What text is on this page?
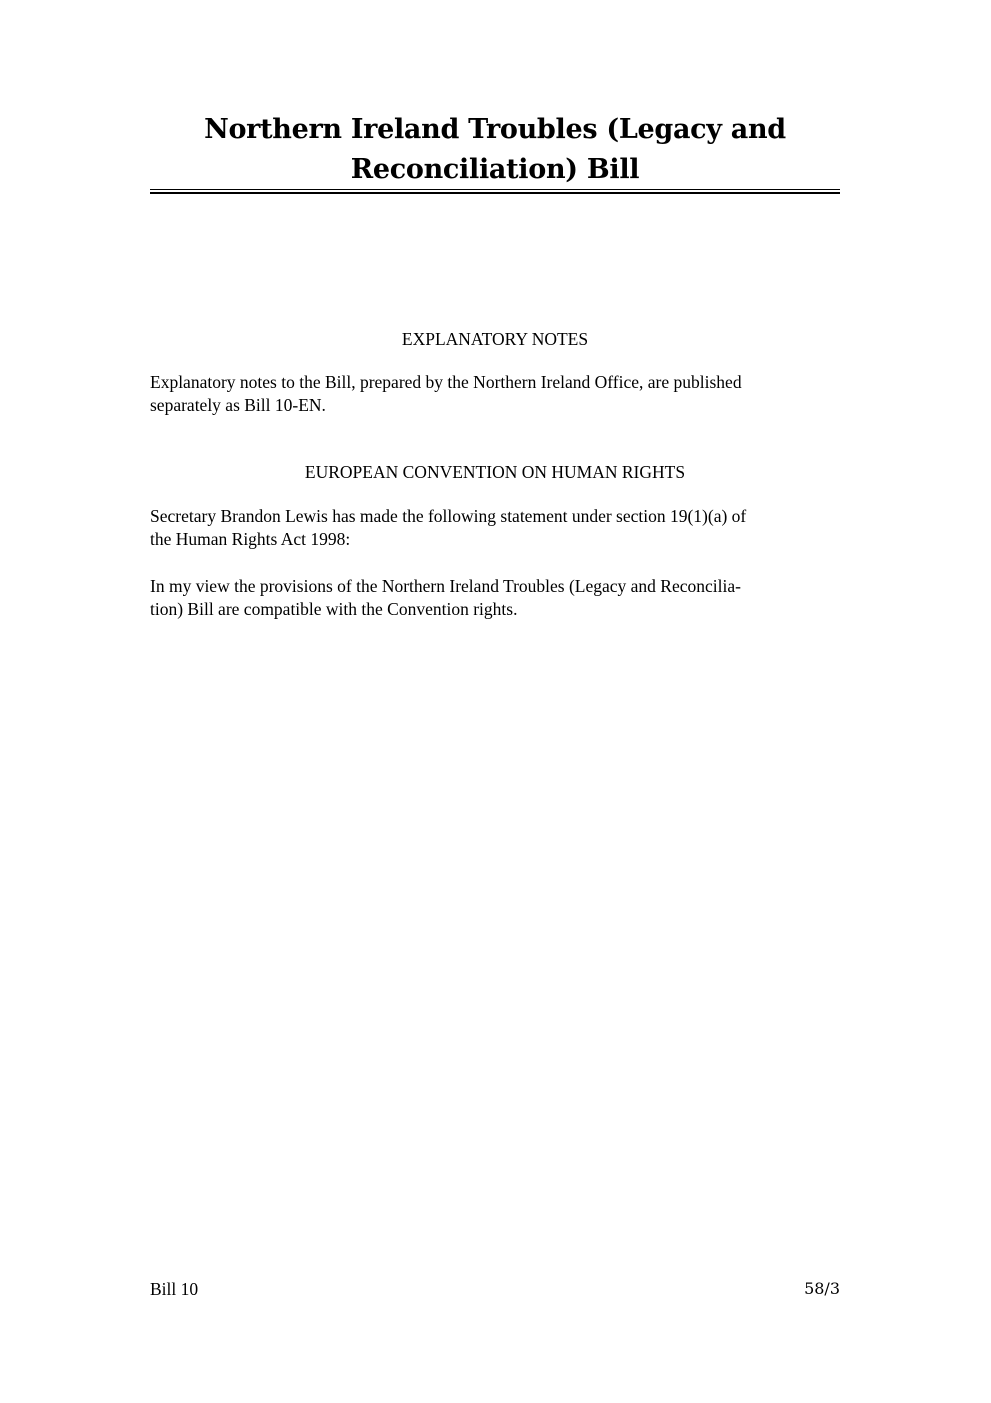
Northern Ireland Troubles (Legacy and
Reconciliation) Bill
EXPLANATORY NOTES
Explanatory notes to the Bill, prepared by the Northern Ireland Office, are published
separately as Bill 10-EN.
EUROPEAN CONVENTION ON HUMAN RIGHTS
Secretary Brandon Lewis has made the following statement under section 19(1)(a) of
the Human Rights Act 1998:
In my view the provisions of the Northern Ireland Troubles (Legacy and Reconcilia-
tion) Bill are compatible with the Convention rights.
Bill 10	58/3
